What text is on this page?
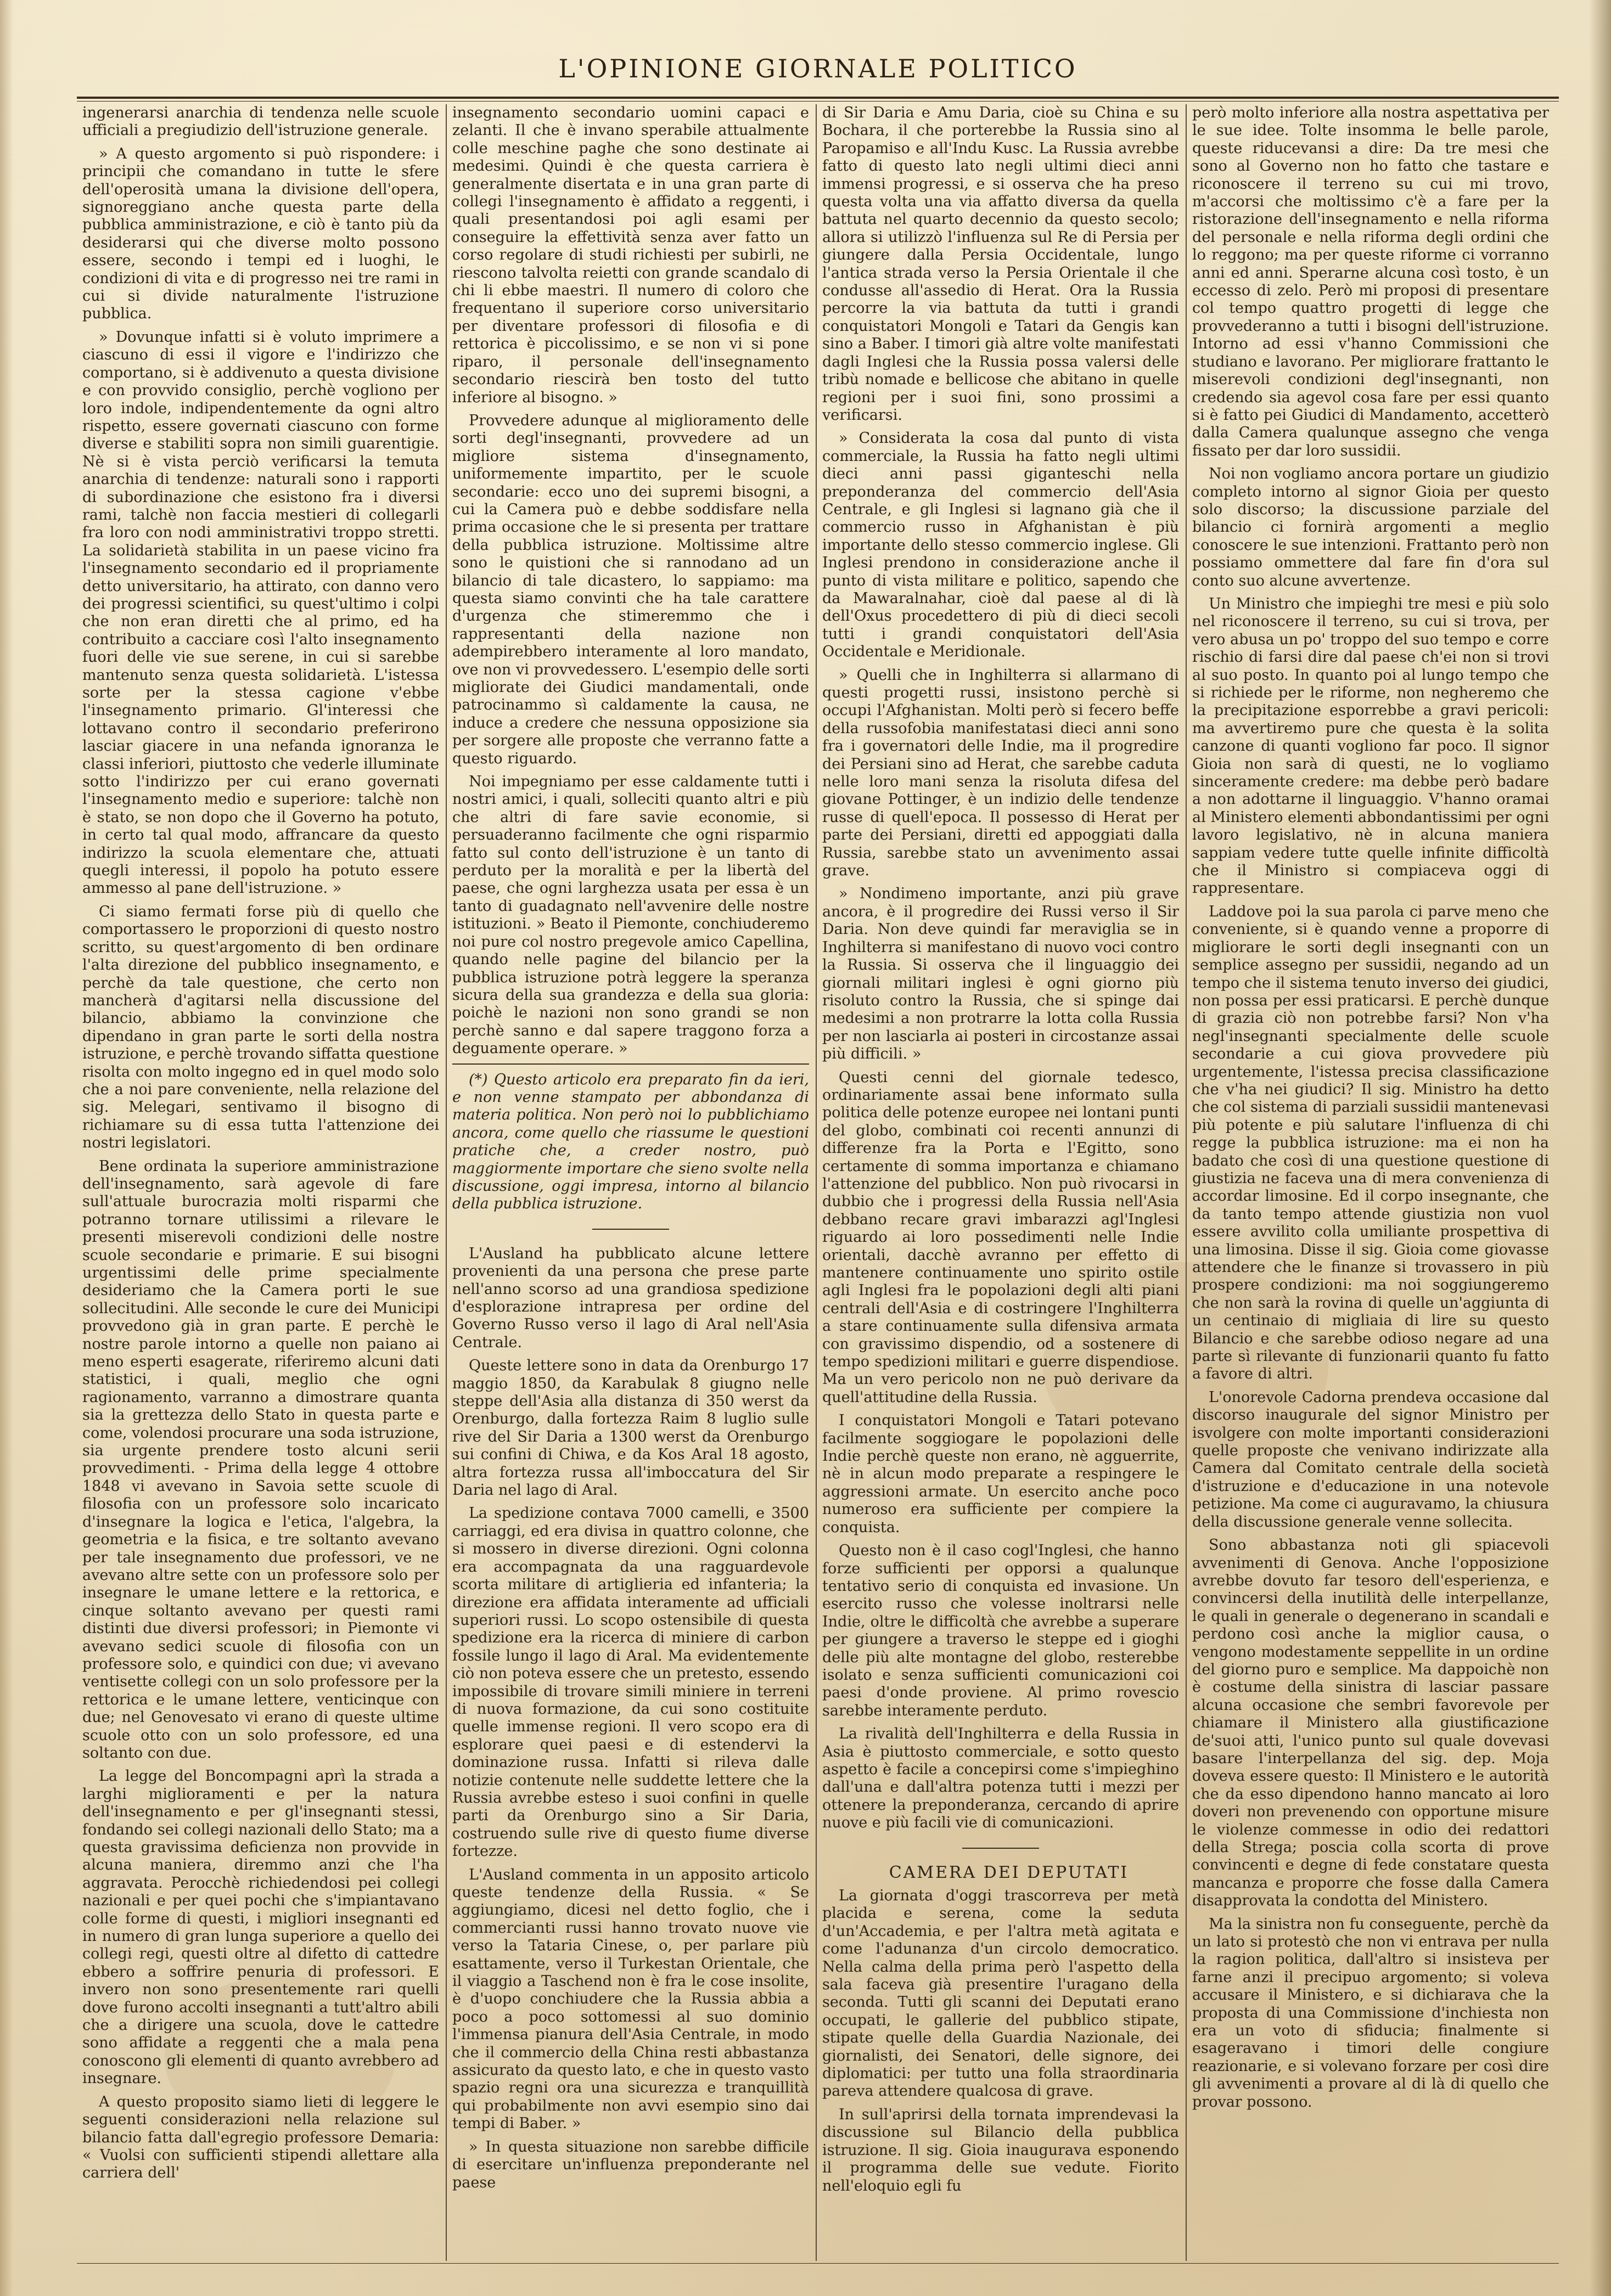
L'OPINIONE GIORNALE POLITICO

ingenerarsi anarchia di tendenza nelle scuole ufficiali a pregiudizio dell'istruzione generale.

» A questo argomento si può rispondere: i principii che comandano in tutte le sfere dell'operosità umana la divisione dell'opera, signoreggiano anche questa parte della pubblica amministrazione, e ciò è tanto più da desiderarsi qui che diverse molto possono essere, secondo i tempi ed i luoghi, le condizioni di vita e di progresso nei tre rami in cui si divide naturalmente l'istruzione pubblica.

» Dovunque infatti si è voluto imprimere a ciascuno di essi il vigore e l'indirizzo che comportano, si è addivenuto a questa divisione e con provvido consiglio, perchè vogliono per loro indole, indipendentemente da ogni altro rispetto, essere governati ciascuno con forme diverse e stabiliti sopra non simili guarentigie. Nè si è vista perciò verificarsi la temuta anarchia di tendenze: naturali sono i rapporti di subordinazione che esistono fra i diversi rami, talchè non faccia mestieri di collegarli fra loro con nodi amministrativi troppo stretti. La solidarietà stabilita in un paese vicino fra l'insegnamento secondario ed il propriamente detto universitario, ha attirato, con danno vero dei progressi scientifici, su quest'ultimo i colpi che non eran diretti che al primo, ed ha contribuito a cacciare così l'alto insegnamento fuori delle vie sue serene, in cui si sarebbe mantenuto senza questa solidarietà. L'istessa sorte per la stessa cagione v'ebbe l'insegnamento primario. Gl'interessi che lottavano contro il secondario preferirono lasciar giacere in una nefanda ignoranza le classi inferiori, piuttosto che vederle illuminate sotto l'indirizzo per cui erano governati l'insegnamento medio e superiore: talchè non è stato, se non dopo che il Governo ha potuto, in certo tal qual modo, affrancare da questo indirizzo la scuola elementare che, attuati quegli interessi, il popolo ha potuto essere ammesso al pane dell'istruzione. »

Ci siamo fermati forse più di quello che comportassero le proporzioni di questo nostro scritto, su quest'argomento di ben ordinare l'alta direzione del pubblico insegnamento, e perchè da tale questione, che certo non mancherà d'agitarsi nella discussione del bilancio, abbiamo la convinzione che dipendano in gran parte le sorti della nostra istruzione, e perchè trovando siffatta questione risolta con molto ingegno ed in quel modo solo che a noi pare conveniente, nella relazione del sig. Melegari, sentivamo il bisogno di richiamare su di essa tutta l'attenzione dei nostri legislatori.

Bene ordinata la superiore amministrazione dell'insegnamento, sarà agevole di fare sull'attuale burocrazia molti risparmi che potranno tornare utilissimi a rilevare le presenti miserevoli condizioni delle nostre scuole secondarie e primarie. E sui bisogni urgentissimi delle prime specialmente desideriamo che la Camera porti le sue sollecitudini. Alle seconde le cure dei Municipi provvedono già in gran parte. E perchè le nostre parole intorno a quelle non paiano ai meno esperti esagerate, riferiremo alcuni dati statistici, i quali, meglio che ogni ragionamento, varranno a dimostrare quanta sia la grettezza dello Stato in questa parte e come, volendosi procurare una soda istruzione, sia urgente prendere tosto alcuni serii provvedimenti. - Prima della legge 4 ottobre 1848 vi avevano in Savoia sette scuole di filosofia con un professore solo incaricato d'insegnare la logica e l'etica, l'algebra, la geometria e la fisica, e tre soltanto avevano per tale insegnamento due professori, ve ne avevano altre sette con un professore solo per insegnare le umane lettere e la rettorica, e cinque soltanto avevano per questi rami distinti due diversi professori; in Piemonte vi avevano sedici scuole di filosofia con un professore solo, e quindici con due; vi avevano ventisette collegi con un solo professore per la rettorica e le umane lettere, venticinque con due; nel Genovesato vi erano di queste ultime scuole otto con un solo professore, ed una soltanto con due.

La legge del Boncompagni aprì la strada a larghi miglioramenti e per la natura dell'insegnamento e per gl'insegnanti stessi, fondando sei collegi nazionali dello Stato; ma a questa gravissima deficienza non provvide in alcuna maniera, diremmo anzi che l'ha aggravata. Perocchè richiedendosi pei collegi nazionali e per quei pochi che s'impiantavano colle forme di questi, i migliori insegnanti ed in numero di gran lunga superiore a quello dei collegi regi, questi oltre al difetto di cattedre ebbero a soffrire penuria di professori. E invero non sono presentemente rari quelli dove furono accolti insegnanti a tutt'altro abili che a dirigere una scuola, dove le cattedre sono affidate a reggenti che a mala pena conoscono gli elementi di quanto avrebbero ad insegnare.

A questo proposito siamo lieti di leggere le seguenti considerazioni nella relazione sul bilancio fatta dall'egregio professore Demaria: « Vuolsi con sufficienti stipendi allettare alla carriera dell'

insegnamento secondario uomini capaci e zelanti. Il che è invano sperabile attualmente colle meschine paghe che sono destinate ai medesimi. Quindi è che questa carriera è generalmente disertata e in una gran parte di collegi l'insegnamento è affidato a reggenti, i quali presentandosi poi agli esami per conseguire la effettività senza aver fatto un corso regolare di studi richiesti per subirli, ne riescono talvolta reietti con grande scandalo di chi li ebbe maestri. Il numero di coloro che frequentano il superiore corso universitario per diventare professori di filosofia e di rettorica è piccolissimo, e se non vi si pone riparo, il personale dell'insegnamento secondario riescirà ben tosto del tutto inferiore al bisogno. »

Provvedere adunque al miglioramento delle sorti degl'insegnanti, provvedere ad un migliore sistema d'insegnamento, uniformemente impartito, per le scuole secondarie: ecco uno dei supremi bisogni, a cui la Camera può e debbe soddisfare nella prima occasione che le si presenta per trattare della pubblica istruzione. Moltissime altre sono le quistioni che si rannodano ad un bilancio di tale dicastero, lo sappiamo: ma questa siamo convinti che ha tale carattere d'urgenza che stimeremmo che i rappresentanti della nazione non adempirebbero interamente al loro mandato, ove non vi provvedessero. L'esempio delle sorti migliorate dei Giudici mandamentali, onde patrocinammo sì caldamente la causa, ne induce a credere che nessuna opposizione sia per sorgere alle proposte che verranno fatte a questo riguardo.

Noi impegniamo per esse caldamente tutti i nostri amici, i quali, solleciti quanto altri e più che altri di fare savie economie, si persuaderanno facilmente che ogni risparmio fatto sul conto dell'istruzione è un tanto di perduto per la moralità e per la libertà del paese, che ogni larghezza usata per essa è un tanto di guadagnato nell'avvenire delle nostre istituzioni. » Beato il Piemonte, conchiuderemo noi pure col nostro pregevole amico Capellina, quando nelle pagine del bilancio per la pubblica istruzione potrà leggere la speranza sicura della sua grandezza e della sua gloria: poichè le nazioni non sono grandi se non perchè sanno e dal sapere traggono forza a deguamente operare. »

(*) Questo articolo era preparato fin da ieri, e non venne stampato per abbondanza di materia politica. Non però noi lo pubblichiamo ancora, come quello che riassume le questioni pratiche che, a creder nostro, può maggiormente importare che sieno svolte nella discussione, oggi impresa, intorno al bilancio della pubblica istruzione.

L'Ausland ha pubblicato alcune lettere provenienti da una persona che prese parte nell'anno scorso ad una grandiosa spedizione d'esplorazione intrapresa per ordine del Governo Russo verso il lago di Aral nell'Asia Centrale.

Queste lettere sono in data da Orenburgo 17 maggio 1850, da Karabulak 8 giugno nelle steppe dell'Asia alla distanza di 350 werst da Orenburgo, dalla fortezza Raim 8 luglio sulle rive del Sir Daria a 1300 werst da Orenburgo sui confini di Chiwa, e da Kos Aral 18 agosto, altra fortezza russa all'imboccatura del Sir Daria nel lago di Aral.

La spedizione contava 7000 camelli, e 3500 carriaggi, ed era divisa in quattro colonne, che si mossero in diverse direzioni. Ogni colonna era accompagnata da una ragguardevole scorta militare di artiglieria ed infanteria; la direzione era affidata interamente ad ufficiali superiori russi. Lo scopo ostensibile di questa spedizione era la ricerca di miniere di carbon fossile lungo il lago di Aral. Ma evidentemente ciò non poteva essere che un pretesto, essendo impossibile di trovare simili miniere in terreni di nuova formazione, da cui sono costituite quelle immense regioni. Il vero scopo era di esplorare quei paesi e di estendervi la dominazione russa. Infatti si rileva dalle notizie contenute nelle suddette lettere che la Russia avrebbe esteso i suoi confini in quelle parti da Orenburgo sino a Sir Daria, costruendo sulle rive di questo fiume diverse fortezze.

L'Ausland commenta in un apposito articolo queste tendenze della Russia. « Se aggiungiamo, dicesi nel detto foglio, che i commercianti russi hanno trovato nuove vie verso la Tataria Cinese, o, per parlare più esattamente, verso il Turkestan Orientale, che il viaggio a Taschend non è fra le cose insolite, è d'uopo conchiudere che la Russia abbia a poco a poco sottomessi al suo dominio l'immensa pianura dell'Asia Centrale, in modo che il commercio della China resti abbastanza assicurato da questo lato, e che in questo vasto spazio regni ora una sicurezza e tranquillità qui probabilmente non avvi esempio sino dai tempi di Baber. »

» In questa situazione non sarebbe difficile di esercitare un'influenza preponderante nel paese

di Sir Daria e Amu Daria, cioè su China e su Bochara, il che porterebbe la Russia sino al Paropamiso e all'Indu Kusc. La Russia avrebbe fatto di questo lato negli ultimi dieci anni immensi progressi, e si osserva che ha preso questa volta una via affatto diversa da quella battuta nel quarto decennio da questo secolo; allora si utilizzò l'influenza sul Re di Persia per giungere dalla Persia Occidentale, lungo l'antica strada verso la Persia Orientale il che condusse all'assedio di Herat. Ora la Russia percorre la via battuta da tutti i grandi conquistatori Mongoli e Tatari da Gengis kan sino a Baber. I timori già altre volte manifestati dagli Inglesi che la Russia possa valersi delle tribù nomade e bellicose che abitano in quelle regioni per i suoi fini, sono prossimi a verificarsi.

» Considerata la cosa dal punto di vista commerciale, la Russia ha fatto negli ultimi dieci anni passi giganteschi nella preponderanza del commercio dell'Asia Centrale, e gli Inglesi si lagnano già che il commercio russo in Afghanistan è più importante dello stesso commercio inglese. Gli Inglesi prendono in considerazione anche il punto di vista militare e politico, sapendo che da Mawaralnahar, cioè dal paese al di là dell'Oxus procedettero di più di dieci secoli tutti i grandi conquistatori dell'Asia Occidentale e Meridionale.

» Quelli che in Inghilterra si allarmano di questi progetti russi, insistono perchè si occupi l'Afghanistan. Molti però si fecero beffe della russofobia manifestatasi dieci anni sono fra i governatori delle Indie, ma il progredire dei Persiani sino ad Herat, che sarebbe caduta nelle loro mani senza la risoluta difesa del giovane Pottinger, è un indizio delle tendenze russe di quell'epoca. Il possesso di Herat per parte dei Persiani, diretti ed appoggiati dalla Russia, sarebbe stato un avvenimento assai grave.

» Nondimeno importante, anzi più grave ancora, è il progredire dei Russi verso il Sir Daria. Non deve quindi far meraviglia se in Inghilterra si manifestano di nuovo voci contro la Russia. Si osserva che il linguaggio dei giornali militari inglesi è ogni giorno più risoluto contro la Russia, che si spinge dai medesimi a non protrarre la lotta colla Russia per non lasciarla ai posteri in circostanze assai più difficili. »

Questi cenni del giornale tedesco, ordinariamente assai bene informato sulla politica delle potenze europee nei lontani punti del globo, combinati coi recenti annunzi di differenze fra la Porta e l'Egitto, sono certamente di somma importanza e chiamano l'attenzione del pubblico. Non può rivocarsi in dubbio che i progressi della Russia nell'Asia debbano recare gravi imbarazzi agl'Inglesi riguardo ai loro possedimenti nelle Indie orientali, dacchè avranno per effetto di mantenere continuamente uno spirito ostile agli Inglesi fra le popolazioni degli alti piani centrali dell'Asia e di costringere l'Inghilterra a stare continuamente sulla difensiva armata con gravissimo dispendio, od a sostenere di tempo spedizioni militari e guerre dispendiose. Ma un vero pericolo non ne può derivare da quell'attitudine della Russia.

I conquistatori Mongoli e Tatari potevano facilmente soggiogare le popolazioni delle Indie perchè queste non erano, nè agguerrite, nè in alcun modo preparate a respingere le aggressioni armate. Un esercito anche poco numeroso era sufficiente per compiere la conquista.

Questo non è il caso cogl'Inglesi, che hanno forze sufficienti per opporsi a qualunque tentativo serio di conquista ed invasione. Un esercito russo che volesse inoltrarsi nelle Indie, oltre le difficoltà che avrebbe a superare per giungere a traverso le steppe ed i gioghi delle più alte montagne del globo, resterebbe isolato e senza sufficienti comunicazioni coi paesi d'onde proviene. Al primo rovescio sarebbe interamente perduto.

La rivalità dell'Inghilterra e della Russia in Asia è piuttosto commerciale, e sotto questo aspetto è facile a concepirsi come s'impieghino dall'una e dall'altra potenza tutti i mezzi per ottenere la preponderanza, cercando di aprire nuove e più facili vie di comunicazioni.

CAMERA DEI DEPUTATI

La giornata d'oggi trascorreva per metà placida e serena, come la seduta d'un'Accademia, e per l'altra metà agitata e come l'adunanza d'un circolo democratico. Nella calma della prima però l'aspetto della sala faceva già presentire l'uragano della seconda. Tutti gli scanni dei Deputati erano occupati, le gallerie del pubblico stipate, stipate quelle della Guardia Nazionale, dei giornalisti, dei Senatori, delle signore, dei diplomatici: per tutto una folla straordinaria pareva attendere qualcosa di grave.

In sull'aprirsi della tornata imprendevasi la discussione sul Bilancio della pubblica istruzione. Il sig. Gioia inaugurava esponendo il programma delle sue vedute. Fiorito nell'eloquio egli fu

però molto inferiore alla nostra aspettativa per le sue idee. Tolte insomma le belle parole, queste riducevansi a dire: Da tre mesi che sono al Governo non ho fatto che tastare e riconoscere il terreno su cui mi trovo, m'accorsi che moltissimo c'è a fare per la ristorazione dell'insegnamento e nella riforma del personale e nella riforma degli ordini che lo reggono; ma per queste riforme ci vorranno anni ed anni. Sperarne alcuna così tosto, è un eccesso di zelo. Però mi proposi di presentare col tempo quattro progetti di legge che provvederanno a tutti i bisogni dell'istruzione. Intorno ad essi v'hanno Commissioni che studiano e lavorano. Per migliorare frattanto le miserevoli condizioni degl'insegnanti, non credendo sia agevol cosa fare per essi quanto si è fatto pei Giudici di Mandamento, accetterò dalla Camera qualunque assegno che venga fissato per dar loro sussidii.

Noi non vogliamo ancora portare un giudizio completo intorno al signor Gioia per questo solo discorso; la discussione parziale del bilancio ci fornirà argomenti a meglio conoscere le sue intenzioni. Frattanto però non possiamo ommettere dal fare fin d'ora sul conto suo alcune avvertenze.

Un Ministro che impieghi tre mesi e più solo nel riconoscere il terreno, su cui si trova, per vero abusa un po' troppo del suo tempo e corre rischio di farsi dire dal paese ch'ei non si trovi al suo posto. In quanto poi al lungo tempo che si richiede per le riforme, non negheremo che la precipitazione esporrebbe a gravi pericoli: ma avvertiremo pure che questa è la solita canzone di quanti vogliono far poco. Il signor Gioia non sarà di questi, ne lo vogliamo sinceramente credere: ma debbe però badare a non adottarne il linguaggio. V'hanno oramai al Ministero elementi abbondantissimi per ogni lavoro legislativo, nè in alcuna maniera sappiam vedere tutte quelle infinite difficoltà che il Ministro si compiaceva oggi di rappresentare.

Laddove poi la sua parola ci parve meno che conveniente, si è quando venne a proporre di migliorare le sorti degli insegnanti con un semplice assegno per sussidii, negando ad un tempo che il sistema tenuto inverso dei giudici, non possa per essi praticarsi. E perchè dunque di grazia ciò non potrebbe farsi? Non v'ha negl'insegnanti specialmente delle scuole secondarie a cui giova provvedere più urgentemente, l'istessa precisa classificazione che v'ha nei giudici? Il sig. Ministro ha detto che col sistema di parziali sussidii mantenevasi più potente e più salutare l'influenza di chi regge la pubblica istruzione: ma ei non ha badato che così di una questione questione di giustizia ne faceva una di mera convenienza di accordar limosine. Ed il corpo insegnante, che da tanto tempo attende giustizia non vuol essere avvilito colla umiliante prospettiva di una limosina. Disse il sig. Gioia come giovasse attendere che le finanze si trovassero in più prospere condizioni: ma noi soggiungeremo che non sarà la rovina di quelle un'aggiunta di un centinaio di migliaia di lire su questo Bilancio e che sarebbe odioso negare ad una parte sì rilevante di funzionarii quanto fu fatto a favore di altri.

L'onorevole Cadorna prendeva occasione dal discorso inaugurale del signor Ministro per isvolgere con molte importanti considerazioni quelle proposte che venivano indirizzate alla Camera dal Comitato centrale della società d'istruzione e d'educazione in una notevole petizione. Ma come ci auguravamo, la chiusura della discussione generale venne sollecita.

Sono abbastanza noti gli spiacevoli avvenimenti di Genova. Anche l'opposizione avrebbe dovuto far tesoro dell'esperienza, e convincersi della inutilità delle interpellanze, le quali in generale o degenerano in scandali e perdono così anche la miglior causa, o vengono modestamente seppellite in un ordine del giorno puro e semplice. Ma dappoichè non è costume della sinistra di lasciar passare alcuna occasione che sembri favorevole per chiamare il Ministero alla giustificazione de'suoi atti, l'unico punto sul quale dovevasi basare l'interpellanza del sig. dep. Moja doveva essere questo: Il Ministero e le autorità che da esso dipendono hanno mancato ai loro doveri non prevenendo con opportune misure le violenze commesse in odio dei redattori della Strega; poscia colla scorta di prove convincenti e degne di fede constatare questa mancanza e proporre che fosse dalla Camera disapprovata la condotta del Ministero.

Ma la sinistra non fu conseguente, perchè da un lato si protestò che non vi entrava per nulla la ragion politica, dall'altro si insisteva per farne anzi il precipuo argomento; si voleva accusare il Ministero, e si dichiarava che la proposta di una Commissione d'inchiesta non era un voto di sfiducia; finalmente si esageravano i timori delle congiure reazionarie, e si volevano forzare per così dire gli avvenimenti a provare al di là di quello che provar possono.
